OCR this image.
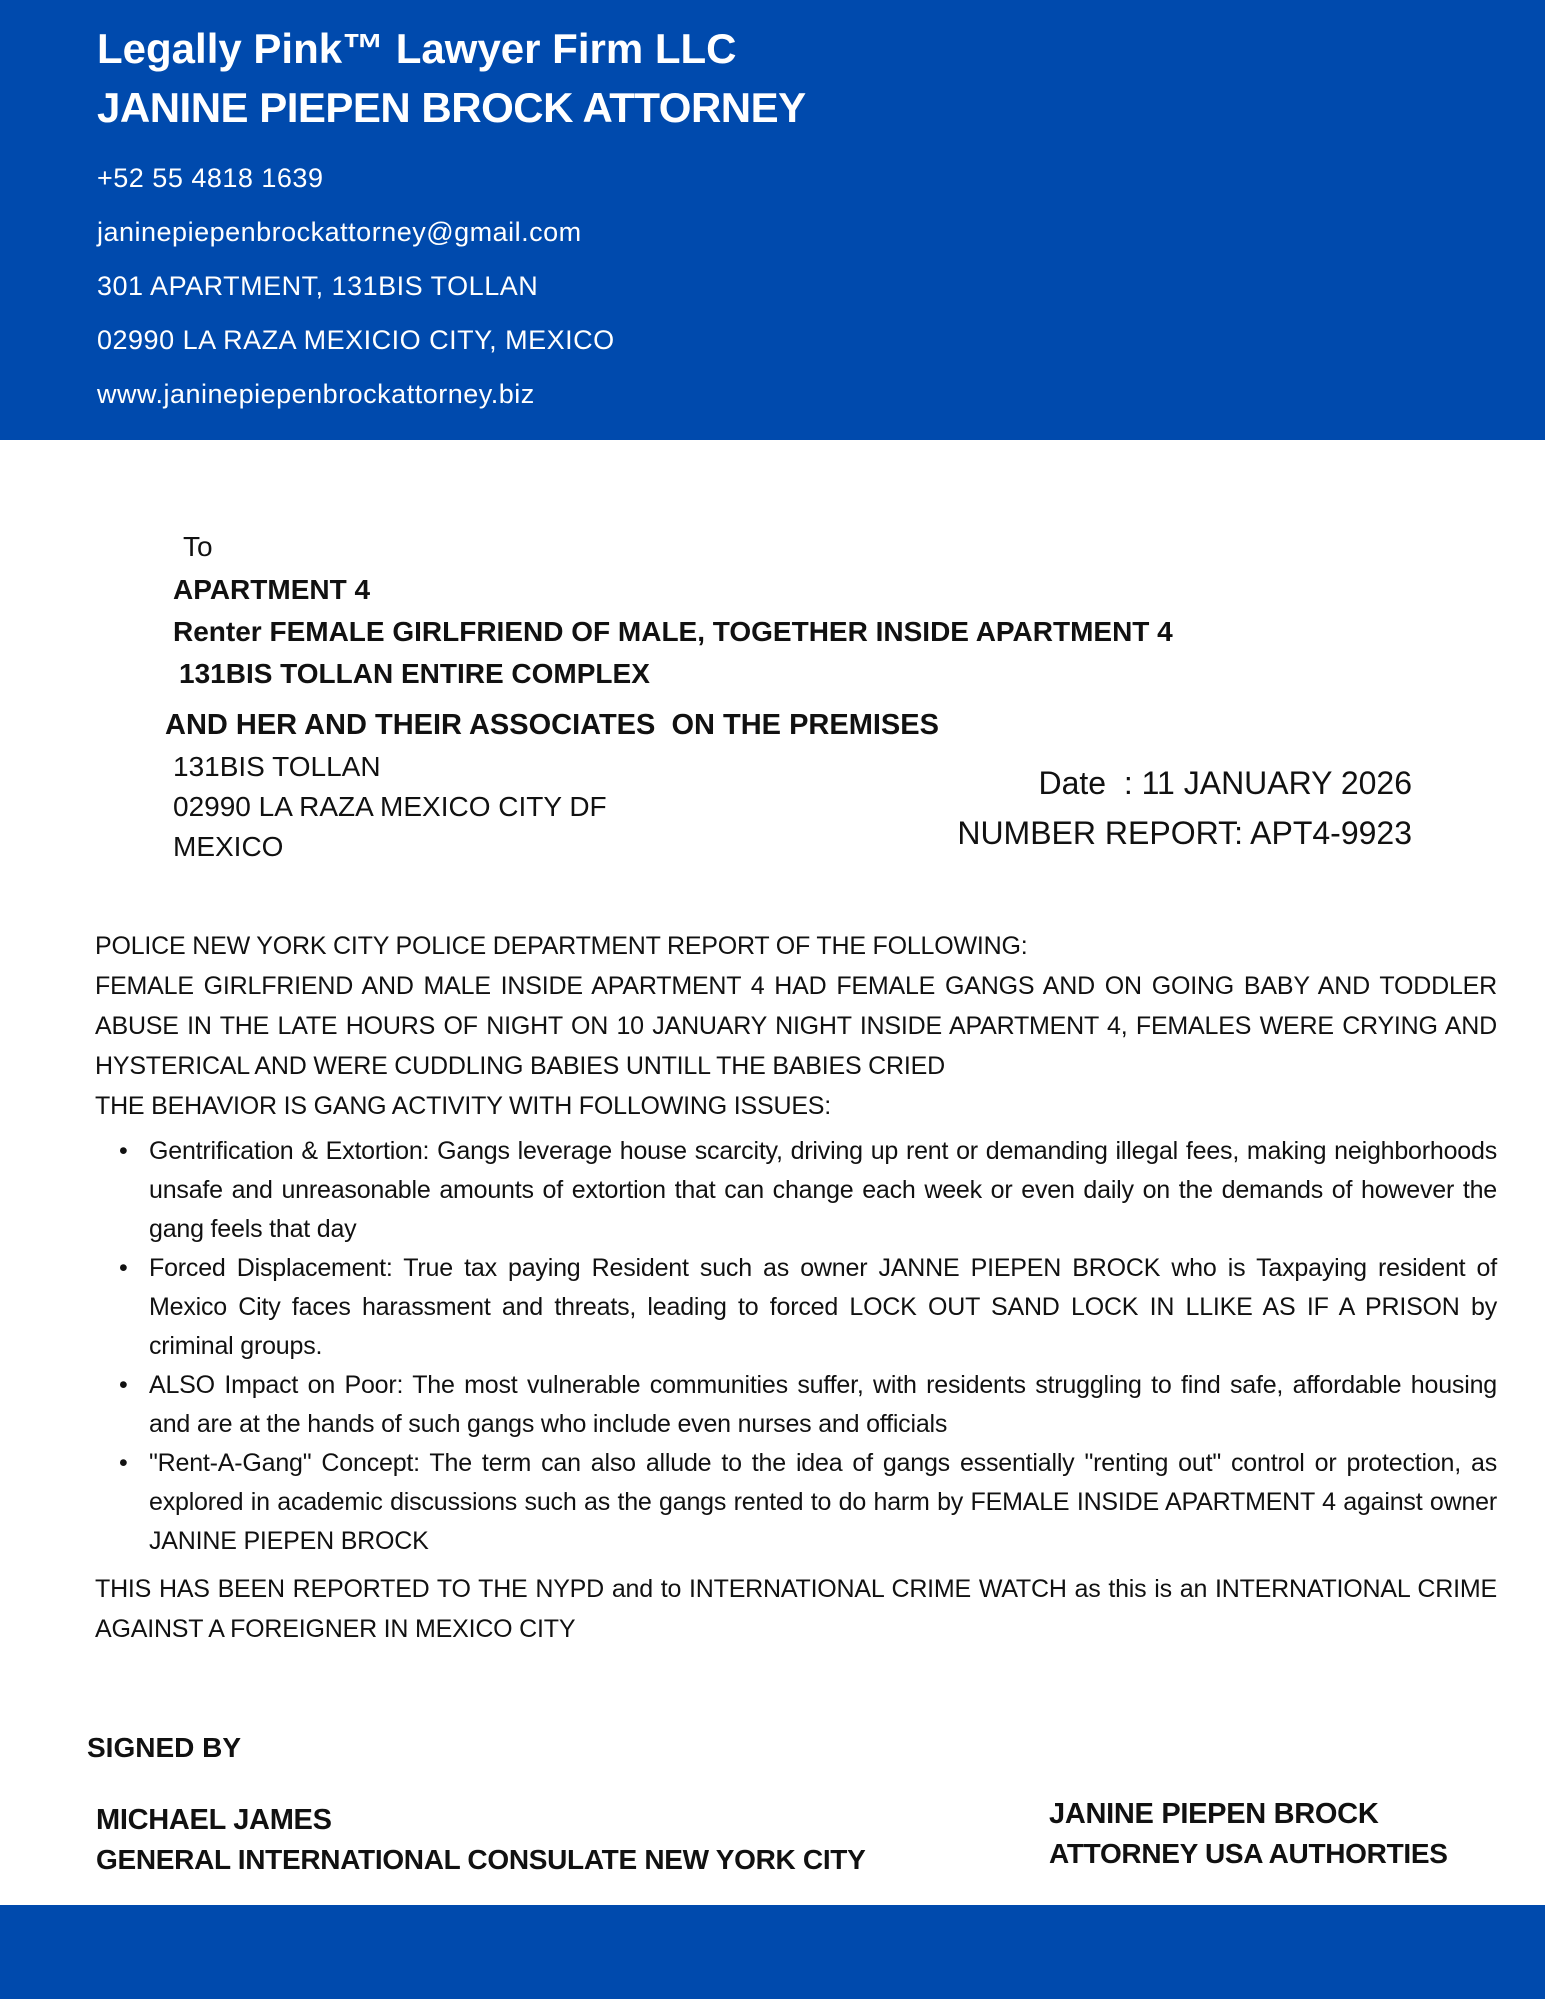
Legally Pink™ Lawyer Firm LLC
JANINE PIEPEN BROCK ATTORNEY

+52 55 4818 1639

janinepiepenbrockattorney@gmail.com

301 APARTMENT, 131BIS TOLLAN

02990 LA RAZA MEXICIO CITY, MEXICO

www.janinepiepenbrockattorney.biz

To

APARTMENT 4

Renter FEMALE GIRLFRIEND OF MALE, TOGETHER INSIDE APARTMENT 4

131BIS TOLLAN ENTIRE COMPLEX

AND HER AND THEIR ASSOCIATES  ON THE PREMISES

131BIS TOLLAN

02990 LA RAZA MEXICO CITY DF

MEXICO

Date  : 11 JANUARY 2026

NUMBER REPORT: APT4-9923

POLICE NEW YORK CITY POLICE DEPARTMENT REPORT OF THE FOLLOWING:

FEMALE GIRLFRIEND AND MALE INSIDE APARTMENT 4 HAD FEMALE GANGS AND ON GOING BABY AND TODDLER ABUSE IN THE LATE HOURS OF NIGHT ON 10 JANUARY NIGHT INSIDE APARTMENT 4, FEMALES WERE CRYING AND HYSTERICAL AND WERE CUDDLING BABIES UNTILL THE BABIES CRIED

THE BEHAVIOR IS GANG ACTIVITY WITH FOLLOWING ISSUES:

• Gentrification & Extortion: Gangs leverage house scarcity, driving up rent or demanding illegal fees, making neighborhoods unsafe and unreasonable amounts of extortion that can change each week or even daily on the demands of however the gang feels that day
• Forced Displacement: True tax paying Resident such as owner JANNE PIEPEN BROCK who is Taxpaying resident of Mexico City faces harassment and threats, leading to forced LOCK OUT SAND LOCK IN LLIKE AS IF A PRISON by criminal groups.
• ALSO Impact on Poor: The most vulnerable communities suffer, with residents struggling to find safe, affordable housing and are at the hands of such gangs who include even nurses and officials
• "Rent-A-Gang" Concept: The term can also allude to the idea of gangs essentially "renting out" control or protection, as explored in academic discussions such as the gangs rented to do harm by FEMALE INSIDE APARTMENT 4 against owner JANINE PIEPEN BROCK

THIS HAS BEEN REPORTED TO THE NYPD and to INTERNATIONAL CRIME WATCH as this is an INTERNATIONAL CRIME AGAINST A FOREIGNER IN MEXICO CITY

SIGNED BY

MICHAEL JAMES

GENERAL INTERNATIONAL CONSULATE NEW YORK CITY

JANINE PIEPEN BROCK

ATTORNEY USA AUTHORTIES
